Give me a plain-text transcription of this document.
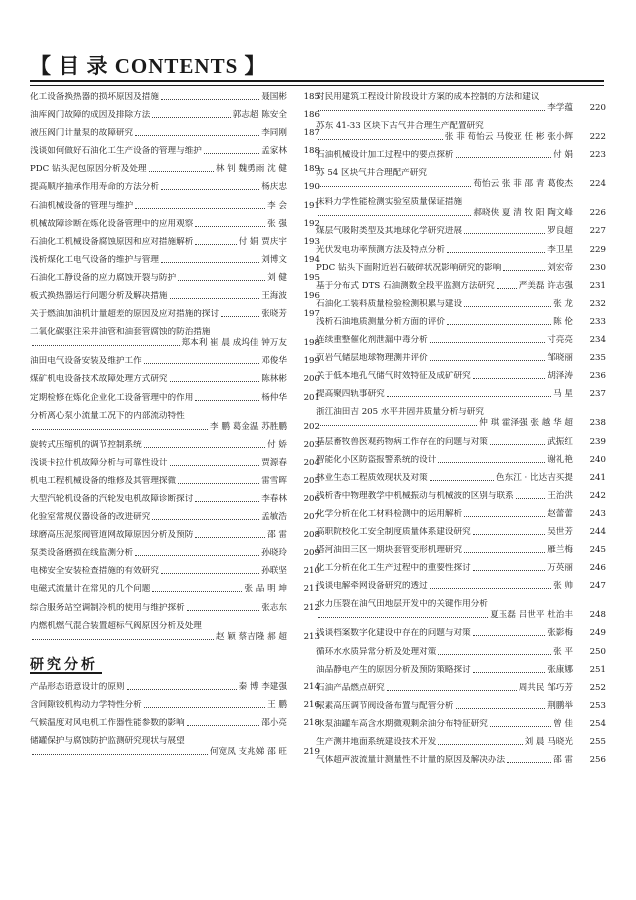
【 目 录 CONTENTS 】
化工设备换热器的损坏原因及措施	聂国彬	185
油库阀门故障的成因及排除方法	郭志超 陈安全	186
液压阀门计量泵的故障研究	李同刚	187
浅谈如何做好石油化工生产设备的管理与维护	孟家林	188
PDC 钻头泥包原因分析及处理	林 钊 魏勇雨 沈 健	189
提高顺序抽承作用寿命的方法分析	杨庆忠	190
石油机械设备的管理与维护	李 会	191
机械故障诊断在炼化设备管理中的应用观察	张 强	192
石油化工机械设备腐蚀原因和应对措施解析	付 娟 贾庆宇	193
浅析煤化工电气设备的维护与管理	刘博文	194
石油化工静设备的应力腐蚀开裂与防护	刘 健	195
板式换热器运行问题分析及解决措施	王海波	196
关于燃油加油机计量超差的原因及应对措施的探讨	张晓芳	197
二氧化碳驱注采井油管和油套管腐蚀的防治措施
郑本利 崔 晨 成坞佳 钟万友	198
油田电气设备安装及维护工作	邓俊华	199
煤矿机电设备技术故障处理方式研究	陈林彬	200
定期检修在炼化企业化工设备管理中的作用	杨仲华	201
分析离心泵小流量工况下的内部流动特性
李 鹏 葛金温 苏胜鹏	202
旋转式压缩机的调节控制系统	付 娇	203
浅谈卡拉什机故障分析与可靠性设计	贾源春	204
机电工程机械设备的维修及其管理探微	雷雪晖	205
大型汽轮机设备的汽轮发电机故障诊断探讨	李春林	206
化验室常规仪器设备的改进研究	孟敏浩	207
球磨高压泥浆阀管道网故障原因分析及预防	邵 雷	208
泵类设备磨损在线监测分析	孙晓玲	209
电梯安全安装检查措施的有效研究	孙联坚	210
电磁式流量计在常见的几个问题	张 品 明 坤	211
综合服务站空调制冷机的使用与维护探析	张志东	212
内燃机燃气混合装置超标气阀原因分析及处理
赵 颖 蔡吉隆 郝 超	213
研究分析
产品形态语意设计的原则	秦 博 李建强	214
含间隙铰机构动力学特性分析	王 鹏	216
气候温度对风电机工作器性能参数的影响	邵小亮	218
储罐保护与腐蚀防护监测研究现状与展望
何宽凤 支兆娣 邵 旺	219
对民用建筑工程设计阶段设计方案的成本控制的方法和建议
李学蕴	220
苏东 41-33 区块下古气井合理生产配置研究
张 菲 荀怡云 马俊亚 任 彬 张小辉	222
石油机械设计加工过程中的要点探析	付 娟	223
苏 54 区块气井合理配产研究
荀怡云 张 菲 邵 青 葛俊杰	224
床料力学性能检测实验室质量保证措施
郝晓侠 夏 清 牧 阳 陶文峰	226
煤层气吸附类型及其地球化学研究进展	罗良超	227
光伏发电功率预测方法及特点分析	李卫星	229
PDC 钻头下面附近岩石破碎状况影响研究的影响	刘宏帝	230
基于分布式 DTS 石油测数全段平监测方法研究	严美磊 许志强	231
石油化工装料质量检验检测积累与建设	张 龙	232
浅析石油地质测量分析方面的评价	陈 伦	233
连续重整催化剂泄漏中毒分析	寸亮亮	234
页岩气储层地球物理测井评价	邹晓丽	235
关于低本地孔气储气时效特征及成矿研究	胡泽涛	236
提高聚四轨事研究	马 星	237
浙江油田吉 205 水平井固井质量分析与研究
仲 琪 霍泽强 张 越 华 超	238
基层畜牧兽医观药物病工作存在的问题与对策	武振红	239
智能化小区防盗报警系统的设计	谢礼艳	240
林业生态工程质效现状及对策	色东江 · 比达吉买提	241
浅析香中物理教学中机械振动与机械波的区别与联系	王治洪	242
化学分析在化工材料检测中的运用解析	赵蕾蕾	243
高职院校化工安全制度质量体系建设研究	吴世芳	244
塔河油田三区一期块套管变形机理研究	雁兰梅	245
化工分析在化工生产过程中的重要性探讨	万英丽	246
浅谈电解牵网设备研究的透过	张 帅	247
水力压裂在油气田地层开发中的关键作用分析
夏玉磊 吕世平 杜治丰	248
浅谈档案数字化建设中存在的问题与对策	张影梅	249
循环水水质异常分析及处理对策	张 平	250
油品静电产生的原因分析及预防策略探讨	张康娜	251
石油产品燃点研究	周共民 邹巧芳	252
尿素高压调节阀设备布置与配管分析	荆鹏举	253
水泵油罐车高含水期微观剩余油分布特征研究	曾 佳	254
生产测井地面系统建设技术开发	刘 晨 马晓光	255
气体超声波流量计测量性不计量的原因及解决办法	邵 雷	256
